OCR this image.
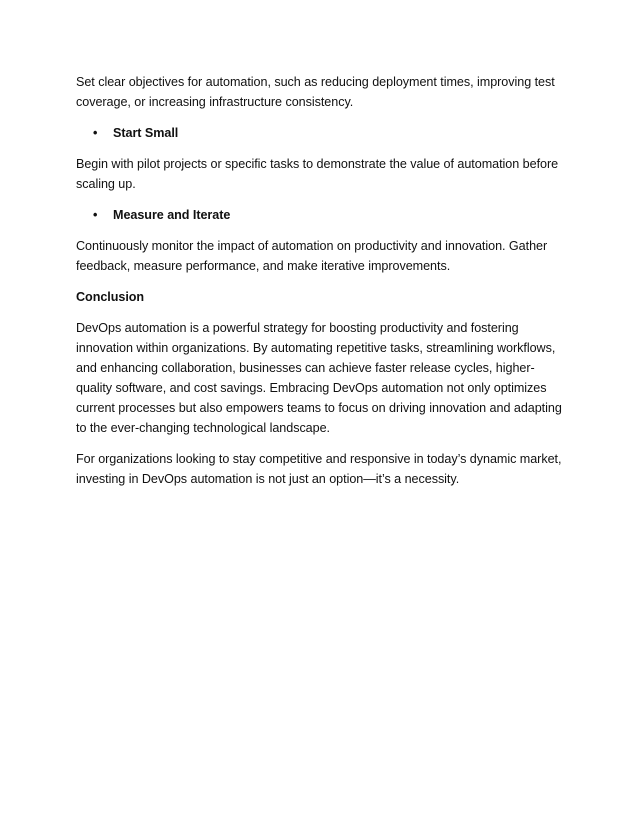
Set clear objectives for automation, such as reducing deployment times, improving test coverage, or increasing infrastructure consistency.

•	Start Small

Begin with pilot projects or specific tasks to demonstrate the value of automation before scaling up.

•	Measure and Iterate

Continuously monitor the impact of automation on productivity and innovation. Gather feedback, measure performance, and make iterative improvements.

Conclusion

DevOps automation is a powerful strategy for boosting productivity and fostering innovation within organizations. By automating repetitive tasks, streamlining workflows, and enhancing collaboration, businesses can achieve faster release cycles, higher-quality software, and cost savings. Embracing DevOps automation not only optimizes current processes but also empowers teams to focus on driving innovation and adapting to the ever-changing technological landscape.

For organizations looking to stay competitive and responsive in today’s dynamic market, investing in DevOps automation is not just an option—it’s a necessity.
